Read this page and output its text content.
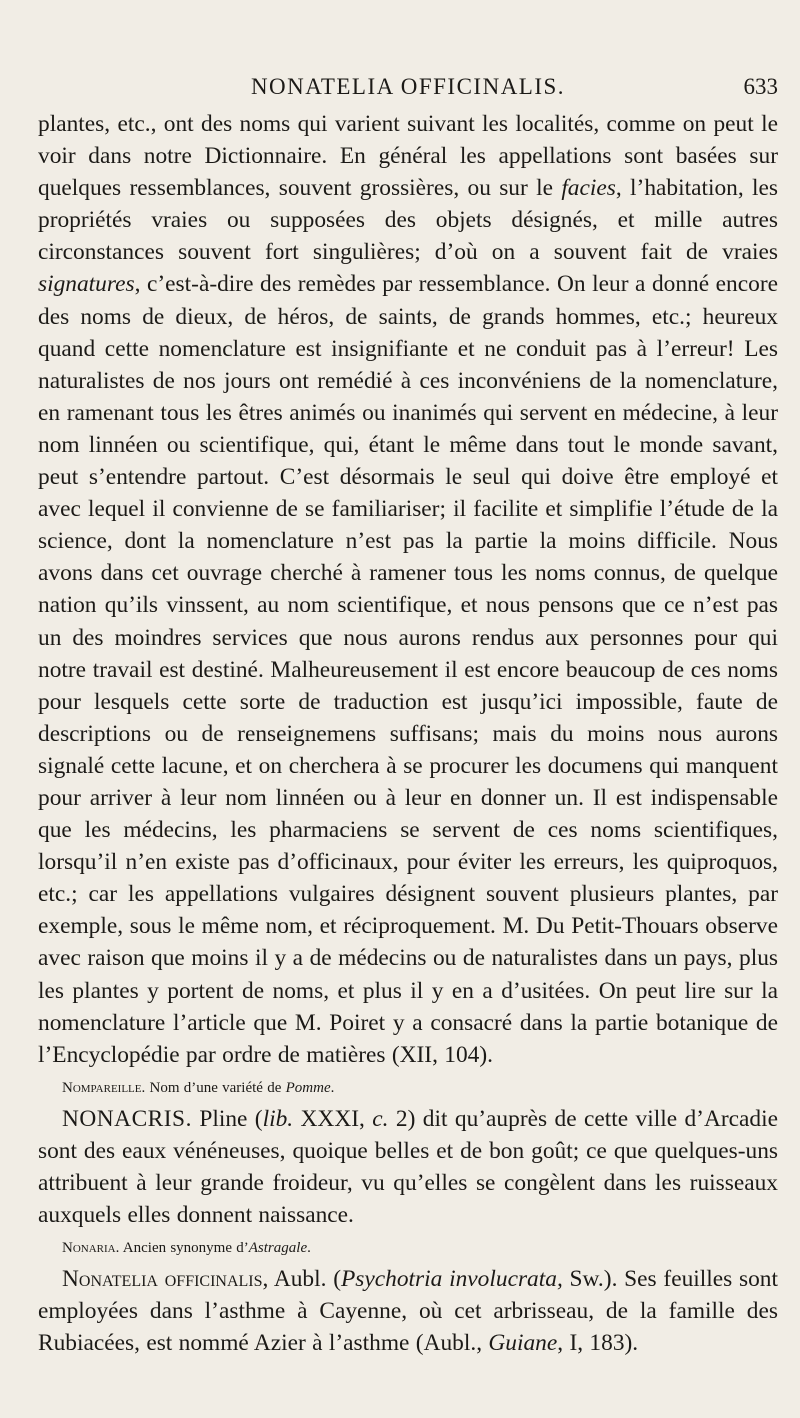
NONATELIA OFFICINALIS.	633

plantes, etc., ont des noms qui varient suivant les localités, comme on peut le voir dans notre Dictionnaire. En général les appellations sont basées sur quelques ressemblances, souvent grossières, ou sur le facies, l’habitation, les propriétés vraies ou supposées des objets désignés, et mille autres circonstances souvent fort singulières; d’où on a souvent fait de vraies signatures, c’est-à-dire des remèdes par ressemblance. On leur a donné encore des noms de dieux, de héros, de saints, de grands hommes, etc.; heureux quand cette nomenclature est insignifiante et ne conduit pas à l’erreur! Les naturalistes de nos jours ont remédié à ces inconvéniens de la nomenclature, en ramenant tous les êtres animés ou inanimés qui servent en médecine, à leur nom linnéen ou scientifique, qui, étant le même dans tout le monde savant, peut s’entendre partout. C’est désormais le seul qui doive être employé et avec lequel il convienne de se familiariser; il facilite et simplifie l’étude de la science, dont la nomenclature n’est pas la partie la moins difficile. Nous avons dans cet ouvrage cherché à ramener tous les noms connus, de quelque nation qu’ils vinssent, au nom scientifique, et nous pensons que ce n’est pas un des moindres services que nous aurons rendus aux personnes pour qui notre travail est destiné. Malheureusement il est encore beaucoup de ces noms pour lesquels cette sorte de traduction est jusqu’ici impossible, faute de descriptions ou de renseignemens suffisans; mais du moins nous aurons signalé cette lacune, et on cherchera à se procurer les documens qui manquent pour arriver à leur nom linnéen ou à leur en donner un. Il est indispensable que les médecins, les pharmaciens se servent de ces noms scientifiques, lorsqu’il n’en existe pas d’officinaux, pour éviter les erreurs, les quiproquos, etc.; car les appellations vulgaires désignent souvent plusieurs plantes, par exemple, sous le même nom, et réciproquement. M. Du Petit-Thouars observe avec raison que moins il y a de médecins ou de naturalistes dans un pays, plus les plantes y portent de noms, et plus il y en a d’usitées. On peut lire sur la nomenclature l’article que M. Poiret y a consacré dans la partie botanique de l’Encyclopédie par ordre de matières (XII, 104).

Nompareille. Nom d’une variété de Pomme.

NONACRIS. Pline (lib. XXXI, c. 2) dit qu’auprès de cette ville d’Arcadie sont des eaux vénéneuses, quoique belles et de bon goût; ce que quelques-uns attribuent à leur grande froideur, vu qu’elles se congèlent dans les ruisseaux auxquels elles donnent naissance.

Nonaria. Ancien synonyme d’Astragale.

Nonatelia officinalis, Aubl. (Psychotria involucrata, Sw.). Ses feuilles sont employées dans l’asthme à Cayenne, où cet arbrisseau, de la famille des Rubiacées, est nommé Azier à l’asthme (Aubl., Guiane, I, 183).
